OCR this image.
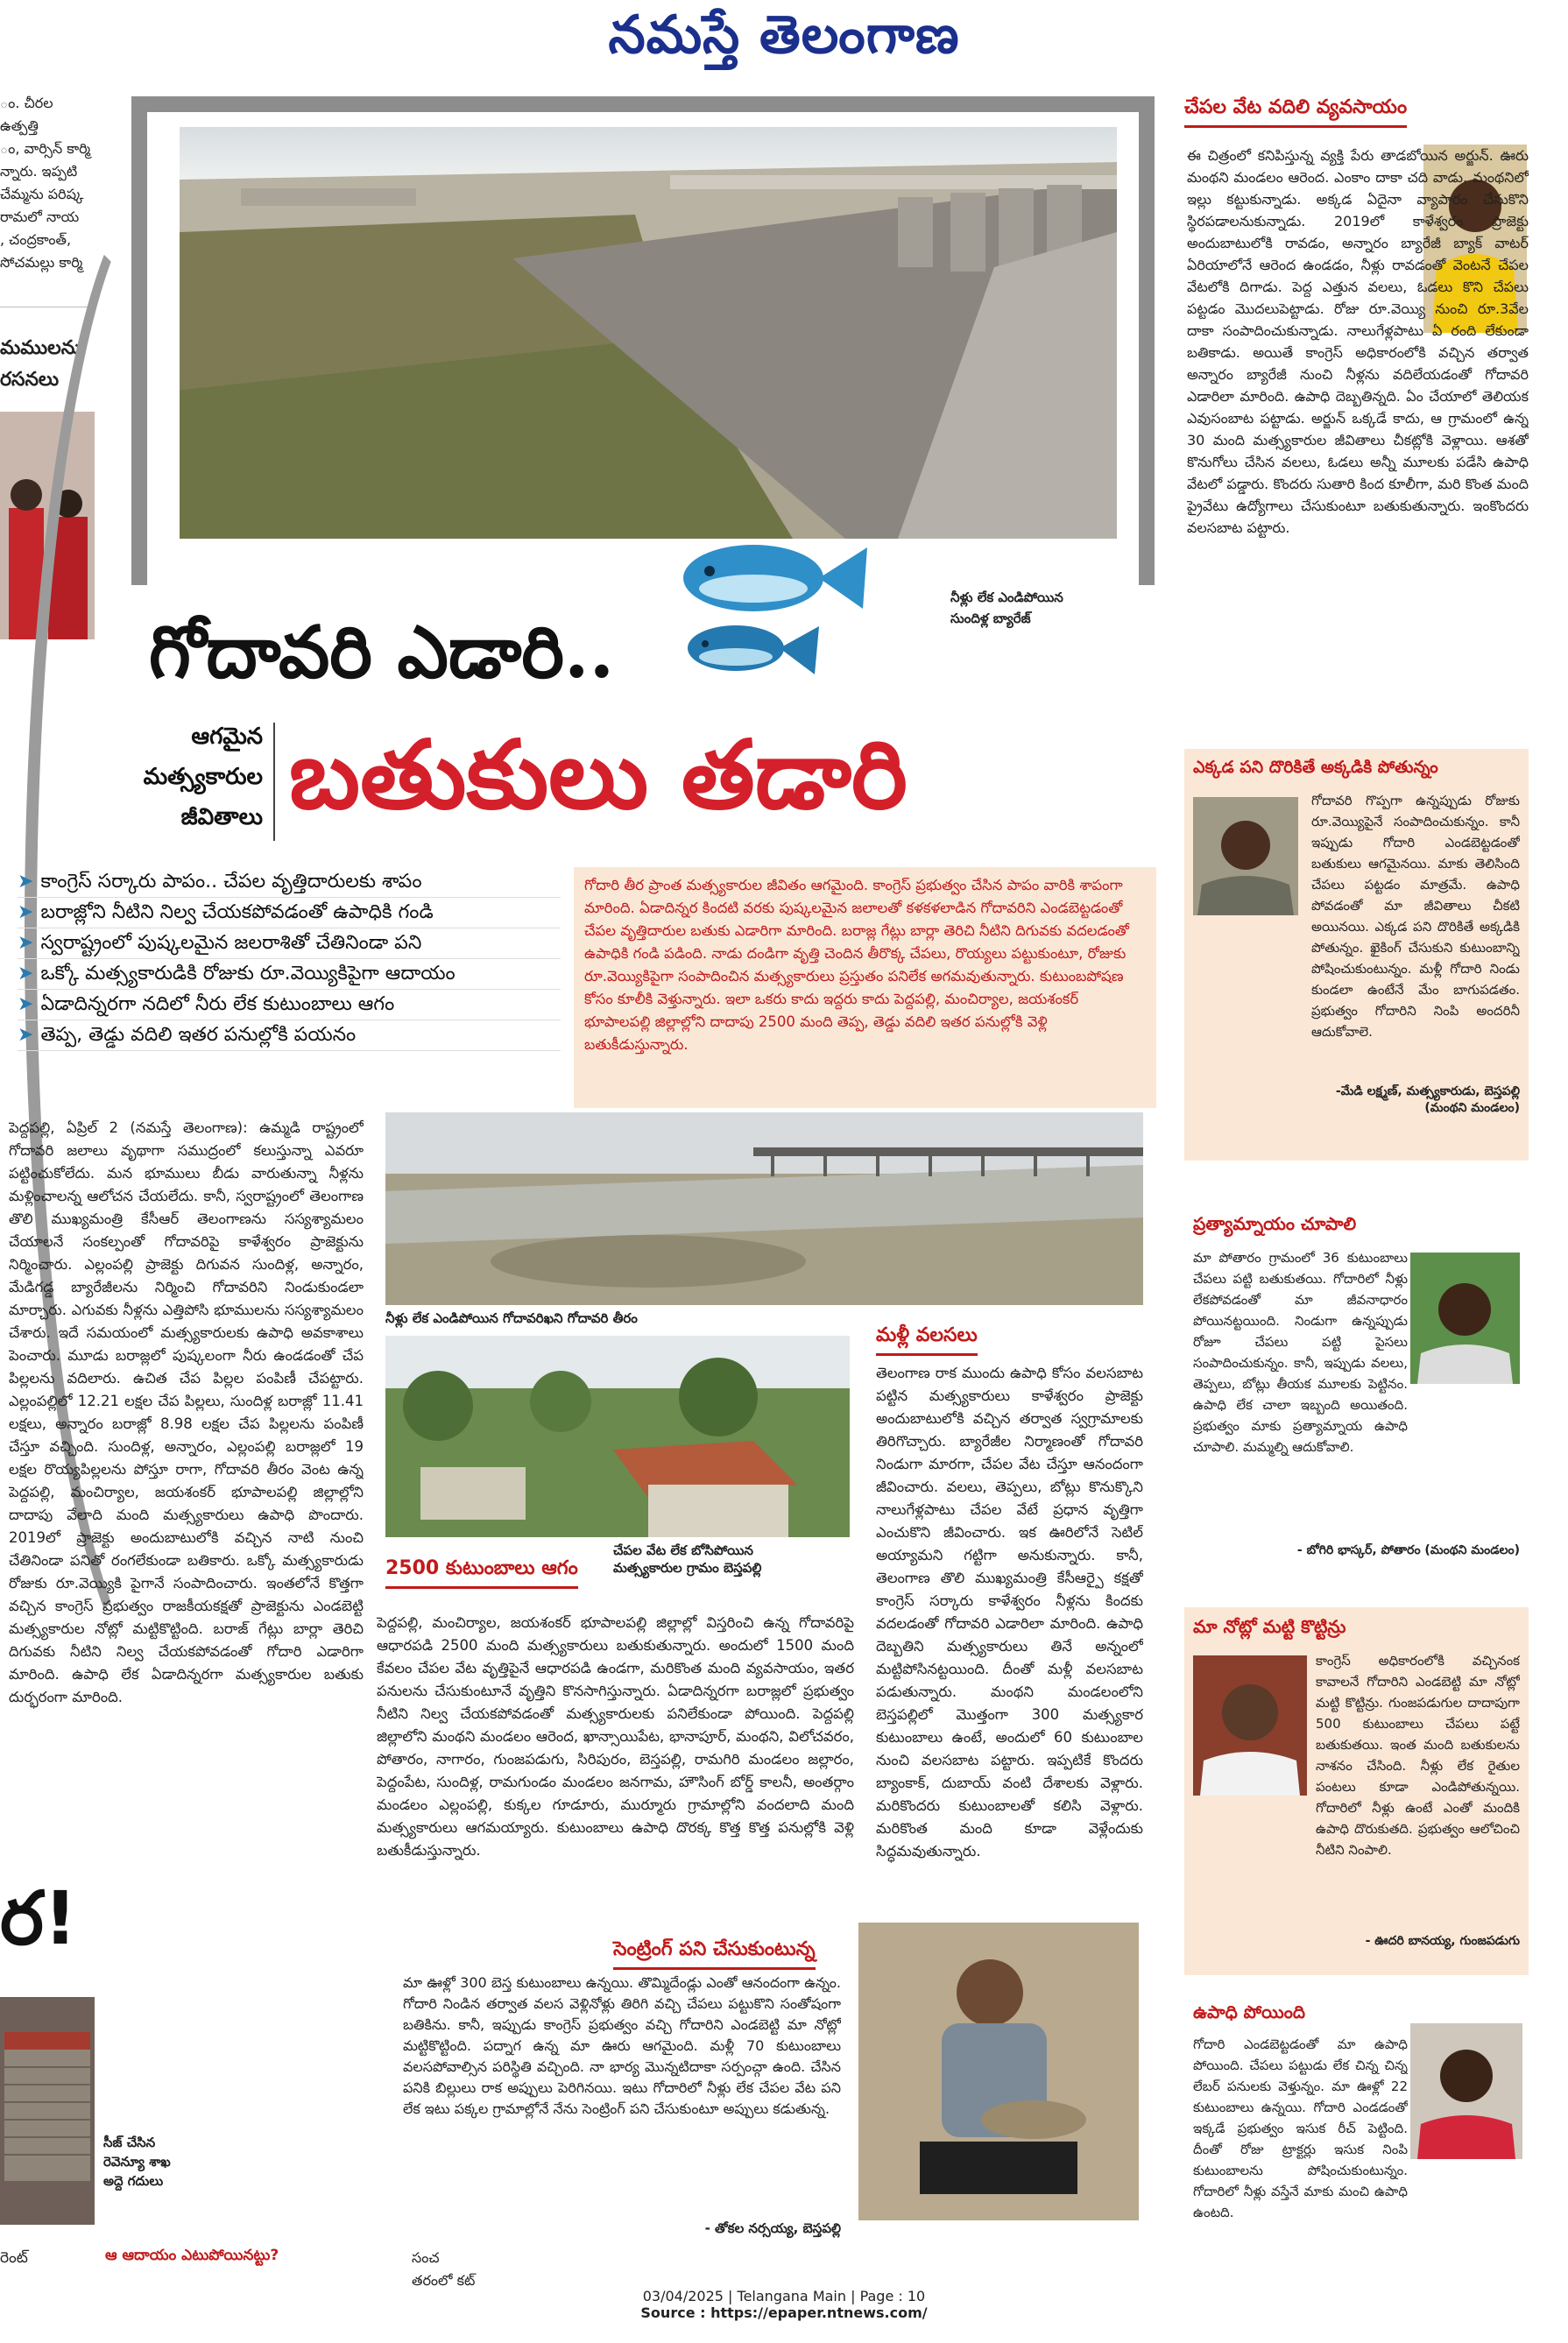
నమస్తే తెలంగాణ
ం. చీరల ఉత్పత్తి
ం, వార్సిన్ కార్మి
న్నారు. ఇప్పటి
చేమ్మను పరిష్క
రామలో నాయ
, చంద్రకాంత్,
సోచమల్లు కార్మి
మములను
రసనలు
ర!
సీజ్ చేసిన
రెవెన్యూ శాఖ
అద్దె గదులు
ఆ ఆదాయం ఎటుపోయినట్టు?
రెంట్
నీళ్లు లేక ఎండిపోయిన
సుందిళ్ల బ్యారేజ్
గోదావరి ఎడారి..
ఆగమైన
మత్స్యకారుల
జీవితాలు బతుకులు తడారి
➤ కాంగ్రెస్ సర్కారు పాపం.. చేపల వృత్తిదారులకు శాపం
➤ బరాజ్లోని నీటిని నిల్వ చేయకపోవడంతో ఉపాధికి గండి
➤ స్వరాష్ట్రంలో పుష్కలమైన జలరాశితో చేతినిండా పని
➤ ఒక్కో మత్స్యకారుడికి రోజుకు రూ.వెయ్యికిపైగా ఆదాయం
➤ ఏడాదిన్నరగా నదిలో నీరు లేక కుటుంబాలు ఆగం
➤ తెప్ప, తెడ్డు వదిలి ఇతర పనుల్లోకి పయనం

గోదారి తీర ప్రాంత మత్స్యకారుల జీవితం ఆగమైంది. కాంగ్రెస్ ప్రభుత్వం చేసిన పాపం వారికి శాపంగా మారింది. ఏడాదిన్నర కిందటి వరకు పుష్కలమైన జలాలతో కళకళలాడిన గోదావరిని ఎండబెట్టడంతో చేపల వృత్తిదారుల బతుకు ఎడారిగా మారింది. బరాజ్ల గేట్లు బార్లా తెరిచి నీటిని దిగువకు వదలడంతో ఉపాధికి గండి పడింది. నాడు దండిగా వృత్తి చెందిన తీరొక్క చేపలు, రొయ్యలు పట్టుకుంటూ, రోజుకు రూ.వెయ్యికిపైగా సంపాదించిన మత్స్యకారులు ప్రస్తుతం పనిలేక అగమవుతున్నారు. కుటుంబపోషణ కోసం కూలీకి వెళ్తున్నారు. ఇలా ఒకరు కాదు ఇద్దరు కాదు పెద్దపల్లి, మంచిర్యాల, జయశంకర్ భూపాలపల్లి జిల్లాల్లోని దాదాపు 2500 మంది తెప్ప, తెడ్డు వదిలి ఇతర పనుల్లోకి వెళ్లి బతుకీడుస్తున్నారు.

పెద్దపల్లి, ఏప్రిల్ 2 (నమస్తే తెలంగాణ): ఉమ్మడి రాష్ట్రంలో గోదావరి జలాలు వృథాగా సముద్రంలో కలుస్తున్నా ఎవరూ పట్టించుకోలేదు. మన భూములు బీడు వారుతున్నా నీళ్లను మళ్లించాలన్న ఆలోచన చేయలేదు. కానీ, స్వరాష్ట్రంలో తెలంగాణ తొలి ముఖ్యమంత్రి కేసీఆర్ తెలంగాణను సస్యశ్యామలం చేయాలనే సంకల్పంతో గోదావరిపై కాళేశ్వరం ప్రాజెక్టును నిర్మించారు. ఎల్లంపల్లి ప్రాజెక్టు దిగువన సుందిళ్ల, అన్నారం, మేడిగడ్డ బ్యారేజీలను నిర్మించి గోదావరిని నిండుకుండలా మార్చారు. ఎగువకు నీళ్లను ఎత్తిపోసి భూములను సస్యశ్యామలం చేశారు. ఇదే సమయంలో మత్స్యకారులకు ఉపాధి అవకాశాలు పెంచారు. మూడు బరాజ్లలో పుష్కలంగా నీరు ఉండడంతో చేప పిల్లలను వదిలారు. ఉచిత చేప పిల్లల పంపిణీ చేపట్టారు. ఎల్లంపల్లిలో 12.21 లక్షల చేప పిల్లలు, సుందిళ్ల బరాజ్లో 11.41 లక్షలు, అన్నారం బరాజ్లో 8.98 లక్షల చేప పిల్లలను పంపిణీ చేస్తూ వచ్చింది. సుందిళ్ల, అన్నారం, ఎల్లంపల్లి బరాజ్లలో 19 లక్షల రొయ్యపిల్లలను పోస్తూ రాగా, గోదావరి తీరం వెంట ఉన్న పెద్దపల్లి, మంచిర్యాల, జయశంకర్ భూపాలపల్లి జిల్లాల్లోని దాదాపు వేలాది మంది మత్స్యకారులు ఉపాధి పొందారు. 2019లో ప్రాజెక్టు అందుబాటులోకి వచ్చిన నాటి నుంచి చేతినిండా పనితో రంగలేకుండా బతికారు. ఒక్కో మత్స్యకారుడు రోజుకు రూ.వెయ్యికి పైగానే సంపాదించారు. ఇంతలోనే కొత్తగా వచ్చిన కాంగ్రెస్ ప్రభుత్వం రాజకీయకక్షతో ప్రాజెక్టును ఎండబెట్టి మత్స్యకారుల నోట్లో మట్టికొట్టింది. బరాజ్ గేట్లు బార్లా తెరిచి దిగువకు నీటిని నిల్వ చేయకపోవడంతో గోదారి ఎడారిగా మారింది. ఉపాధి లేక ఏడాదిన్నరగా మత్స్యకారుల బతుకు దుర్భరంగా మారింది.

నీళ్లు లేక ఎండిపోయిన గోదావరిఖని గోదావరి తీరం
2500 కుటుంబాలు ఆగం
చేపల వేట లేక బోసిపోయిన
మత్స్యకారుల గ్రామం బెస్తపల్లి

పెద్దపల్లి, మంచిర్యాల, జయశంకర్ భూపాలపల్లి జిల్లాల్లో విస్తరించి ఉన్న గోదావరిపై ఆధారపడి 2500 మంది మత్స్యకారులు బతుకుతున్నారు. అందులో 1500 మంది కేవలం చేపల వేట వృత్తిపైనే ఆధారపడి ఉండగా, మరికొంత మంది వ్యవసాయం, ఇతర పనులను చేసుకుంటూనే వృత్తిని కొనసాగిస్తున్నారు. ఏడాదిన్నరగా బరాజ్లలో ప్రభుత్వం నీటిని నిల్వ చేయకపోవడంతో మత్స్యకారులకు పనిలేకుండా పోయింది. పెద్దపల్లి జిల్లాలోని మంథని మండలం ఆరెంద, ఖాన్సాయిపేట, భానాపూర్, మంథని, విలోచవరం, పోతారం, నాగారం, గుంజపడుగు, సిరిపురం, బెస్తపల్లి, రామగిరి మండలం జల్లారం, పెద్దంపేట, సుందిళ్ల, రామగుండం మండలం జనగామ, హౌసింగ్ బోర్డ్ కాలనీ, అంతర్గాం మండలం ఎల్లంపల్లి, కుక్కల గూడూరు, ముర్మూరు గ్రామాల్లోని వందలాది మంది మత్స్యకారులు ఆగమయ్యారు. కుటుంబాలు ఉపాధి దొరక్క కొత్త కొత్త పనుల్లోకి వెళ్లి బతుకీడుస్తున్నారు.

మళ్లీ వలసలు

తెలంగాణ రాక ముందు ఉపాధి కోసం వలసబాట పట్టిన మత్స్యకారులు కాళేశ్వరం ప్రాజెక్టు అందుబాటులోకి వచ్చిన తర్వాత స్వగ్రామాలకు తిరిగొచ్చారు. బ్యారేజీల నిర్మాణంతో గోదావరి నిండుగా మారగా, చేపల వేట చేస్తూ ఆనందంగా జీవించారు. వలలు, తెప్పలు, బోట్లు కొనుక్కొని నాలుగేళ్లపాటు చేపల వేటే ప్రధాన వృత్తిగా ఎంచుకొని జీవించారు. ఇక ఊరిలోనే సెటిల్ అయ్యామని గట్టిగా అనుకున్నారు. కానీ, తెలంగాణ తొలి ముఖ్యమంత్రి కేసీఆర్పై కక్షతో కాంగ్రెస్ సర్కారు కాళేశ్వరం నీళ్లను కిందకు వదలడంతో గోదావరి ఎడారిలా మారింది. ఉపాధి దెబ్బతిని మత్స్యకారులు తినే అన్నంలో మట్టిపోసినట్టయింది. దీంతో మళ్లీ వలసబాట పడుతున్నారు. మంథని మండలంలోని బెస్తపల్లిలో మొత్తంగా 300 మత్స్యకార కుటుంబాలు ఉంటే, అందులో 60 కుటుంబాల నుంచి వలసబాట పట్టారు. ఇప్పటికే కొందరు బ్యాంకాక్, దుబాయ్ వంటి దేశాలకు వెళ్లారు. మరికొందరు కుటుంబాలతో కలిసి వెళ్లారు. మరికొంత మంది కూడా వెళ్లేందుకు సిద్ధమవుతున్నారు.

సెంట్రింగ్ పని చేసుకుంటున్న

మా ఊళ్లో 300 బెస్త కుటుంబాలు ఉన్నయి. తొమ్మిదేండ్లు ఎంతో ఆనందంగా ఉన్నం. గోదారి నిండిన తర్వాత వలస వెళ్లినోళ్లు తిరిగి వచ్చి చేపలు పట్టుకొని సంతోషంగా బతికిను. కానీ, ఇప్పుడు కాంగ్రెస్ ప్రభుత్వం వచ్చి గోదారిని ఎండబెట్టి మా నోట్లో మట్టికొట్టింది. పద్నాగ ఉన్న మా ఊరు ఆగమైంది. మళ్లీ 70 కుటుంబాలు వలసపోవాల్సిన పరిస్థితి వచ్చింది. నా భార్య మొన్నటిదాకా సర్పంచ్గా ఉంది. చేసిన పనికి బిల్లులు రాక అప్పులు పెరిగినయి. ఇటు గోదారిలో నీళ్లు లేక చేపల వేట పని లేక ఇటు పక్కల గ్రామాల్లోనే నేను సెంట్రింగ్ పని చేసుకుంటూ అప్పులు కడుతున్న.

- తోకల నర్సయ్య, బెస్తపల్లి
సంచ
తరంలో కట్
చేపల వేట వదిలి వ్యవసాయం

ఈ చిత్రంలో కనిపిస్తున్న వ్యక్తి పేరు తాడబోయిన అర్జున్. ఊరు మంథని మండలం ఆరెంద. ఎంకాం దాకా చది వాడు. మంథనిలో ఇల్లు కట్టుకున్నాడు. అక్కడ ఏదైనా వ్యాపారం చేసుకొని స్థిరపడాలనుకున్నాడు. 2019లో కాళేశ్వరం ప్రాజెక్టు అందుబాటులోకి రావడం, అన్నారం బ్యారేజీ బ్యాక్ వాటర్ ఏరియాలోనే ఆరెంద ఉండడం, నీళ్లు రావడంతో వెంటనే చేపల వేటలోకి దిగాడు. పెద్ద ఎత్తున వలలు, ఓడలు కొని చేపలు పట్టడం మొదలుపెట్టాడు. రోజు రూ.వెయ్యి నుంచి రూ.3వేల దాకా సంపాదించుకున్నాడు. నాలుగేళ్లపాటు ఏ రంది లేకుండా బతికాడు. అయితే కాంగ్రెస్ అధికారంలోకి వచ్చిన తర్వాత అన్నారం బ్యారేజీ నుంచి నీళ్లను వదిలేయడంతో గోదావరి ఎడారిలా మారింది. ఉపాధి దెబ్బతిన్నది. ఏం చేయాలో తెలియక ఎవుసంబాట పట్టాడు. అర్జున్ ఒక్కడే కాదు, ఆ గ్రామంలో ఉన్న 30 మంది మత్స్యకారుల జీవితాలు చీకట్లోకి వెళ్లాయి. ఆశతో కొనుగోలు చేసిన వలలు, ఓడలు అన్నీ మూలకు పడేసి ఉపాధి వేటలో పడ్డారు. కొందరు సుతారి కింద కూలీగా, మరి కొంత మంది ప్రైవేటు ఉద్యోగాలు చేసుకుంటూ బతుకుతున్నారు. ఇంకొందరు వలసబాట పట్టారు.

ఎక్కడ పని దొరికితే అక్కడికి పోతున్నం
గోదావరి గొప్పగా ఉన్నప్పుడు రోజుకు రూ.వెయ్యిపైనే సంపాదించుకున్నం. కానీ ఇప్పుడు గోదారి ఎండబెట్టడంతో బతుకులు ఆగమైనయి. మాకు తెలిసింది చేపలు పట్టడం మాత్రమే. ఉపాధి పోవడంతో మా జీవితాలు చీకటి అయినయి. ఎక్కడ పని దొరికితే అక్కడికి పోతున్నం. ఖైకింగ్ చేసుకుని కుటుంబాన్ని పోషించుకుంటున్నం. మళ్లీ గోదారి నిండు కుండలా ఉంటేనే మేం బాగుపడతం. ప్రభుత్వం గోదారిని నింపి అందరినీ ఆదుకోవాలె.
-మేడి లక్ష్మణ్, మత్స్యకారుడు, బెస్తపల్లి
(మంథని మండలం)
ప్రత్యామ్నాయం చూపాలి
మా పోతారం గ్రామంలో 36 కుటుంబాలు చేపలు పట్టి బతుకుతయి. గోదారిలో నీళ్లు లేకపోవడంతో మా జీవనాధారం పోయినట్టయింది. నిండుగా ఉన్నప్పుడు రోజూ చేపలు పట్టి పైసలు సంపాదించుకున్నం. కానీ, ఇప్పుడు వలలు, తెప్పలు, బోట్లు తీయక మూలకు పెట్టినం. ఉపాధి లేక చాలా ఇబ్బంది అయితంది. ప్రభుత్వం మాకు ప్రత్యామ్నాయ ఉపాధి చూపాలి. మమ్మల్ని ఆదుకోవాలి.
- బోగిరి భాస్కర్, పోతారం (మంథని మండలం)
మా నోట్లో మట్టి కొట్టిన్రు
కాంగ్రెస్ అధికారంలోకి వచ్చినంక కావాలనే గోదారిని ఎండబెట్టి మా నోట్లో మట్టి కొట్టిన్రు. గుంజపడుగుల దాదాపుగా 500 కుటుంబాలు చేపలు పట్టే బతుకుతయి. ఇంత మంది బతుకులను నాశనం చేసింది. నీళ్లు లేక రైతుల పంటలు కూడా ఎండిపోతున్నయి. గోదారిలో నీళ్లు ఉంటే ఎంతో మందికి ఉపాధి దొరుకుతది. ప్రభుత్వం ఆలోచించి నీటిని నింపాలి.
- ఊదరి బానయ్య, గుంజపడుగు
ఉపాధి పోయింది
గోదారి ఎండబెట్టడంతో మా ఉపాధి పోయింది. చేపలు పట్టుడు లేక చిన్న చిన్న లేబర్ పనులకు వెళ్తున్నం. మా ఊళ్లో 22 కుటుంబాలు ఉన్నయి. గోదారి ఎండడంతో ఇక్కడే ప్రభుత్వం ఇసుక రీచ్ పెట్టింది. దీంతో రోజు ట్రాక్టర్లు ఇసుక నింపి కుటుంబాలను పోషించుకుంటున్నం. గోదారిలో నీళ్లు వస్తేనే మాకు మంచి ఉపాధి ఉంటది.
03/04/2025 | Telangana Main | Page : 10
Source : https://epaper.ntnews.com/
